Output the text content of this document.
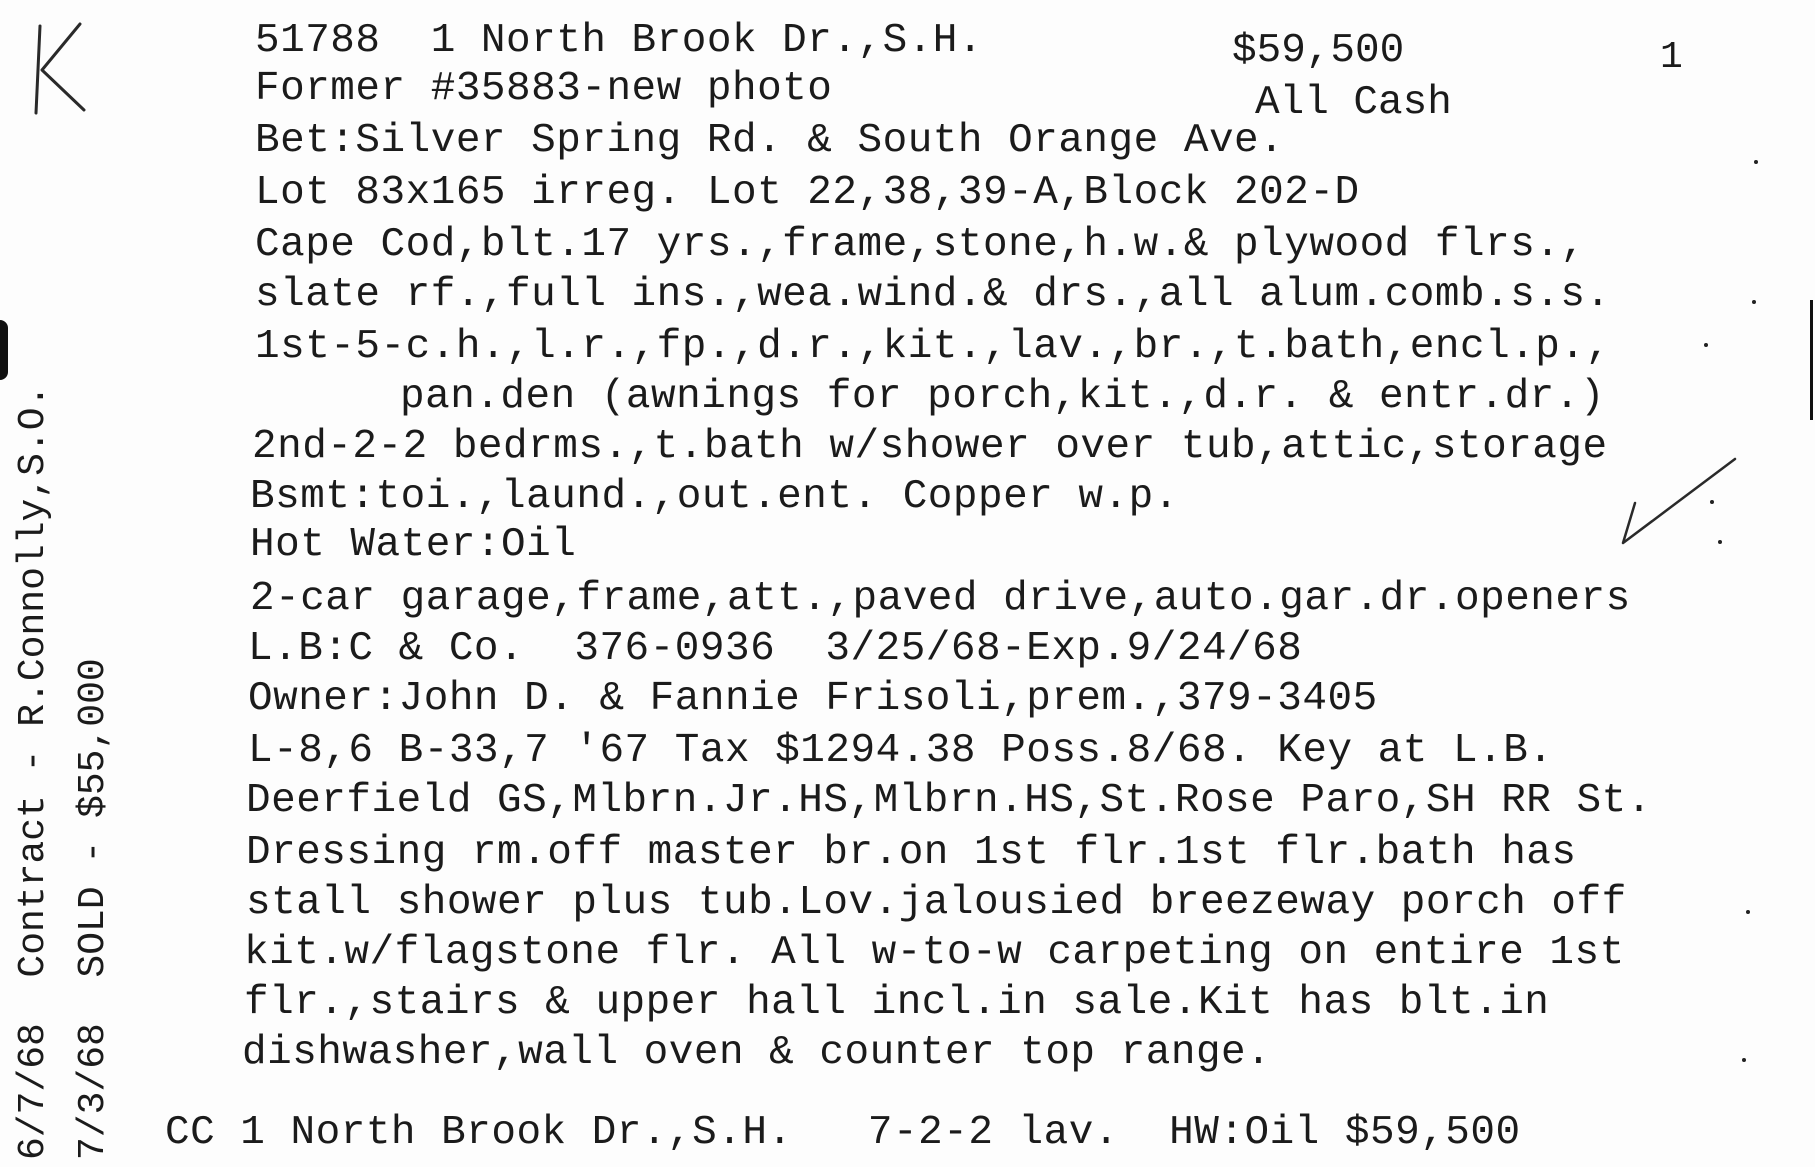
1
51788  1 North Brook Dr.,S.H.	$59,500
All Cash
Former #35883-new photo
Bet:Silver Spring Rd. & South Orange Ave.
Lot 83x165 irreg. Lot 22,38,39-A,Block 202-D
Cape Cod,blt.17 yrs.,frame,stone,h.w.& plywood flrs.,
slate rf.,full ins.,wea.wind.& drs.,all alum.comb.s.s.
1st-5-c.h.,l.r.,fp.,d.r.,kit.,lav.,br.,t.bath,encl.p.,
pan.den (awnings for porch,kit.,d.r. & entr.dr.)
2nd-2-2 bedrms.,t.bath w/shower over tub,attic,storage
Bsmt:toi.,laund.,out.ent. Copper w.p.
Hot Water:Oil
2-car garage,frame,att.,paved drive,auto.gar.dr.openers
L.B:C & Co.  376-0936  3/25/68-Exp.9/24/68
Owner:John D. & Fannie Frisoli,prem.,379-3405
L-8,6 B-33,7 '67 Tax $1294.38 Poss.8/68. Key at L.B.
Deerfield GS,Mlbrn.Jr.HS,Mlbrn.HS,St.Rose Paro,SH RR St.
Dressing rm.off master br.on 1st flr.1st flr.bath has
stall shower plus tub.Lov.jalousied breezeway porch off
kit.w/flagstone flr. All w-to-w carpeting on entire 1st
flr.,stairs & upper hall incl.in sale.Kit has blt.in
dishwasher,wall oven & counter top range.
CC 1 North Brook Dr.,S.H.   7-2-2 lav.  HW:Oil $59,500
6/7/68  Contract - R.Connolly,S.O. 7/3/68  SOLD - $55,000
